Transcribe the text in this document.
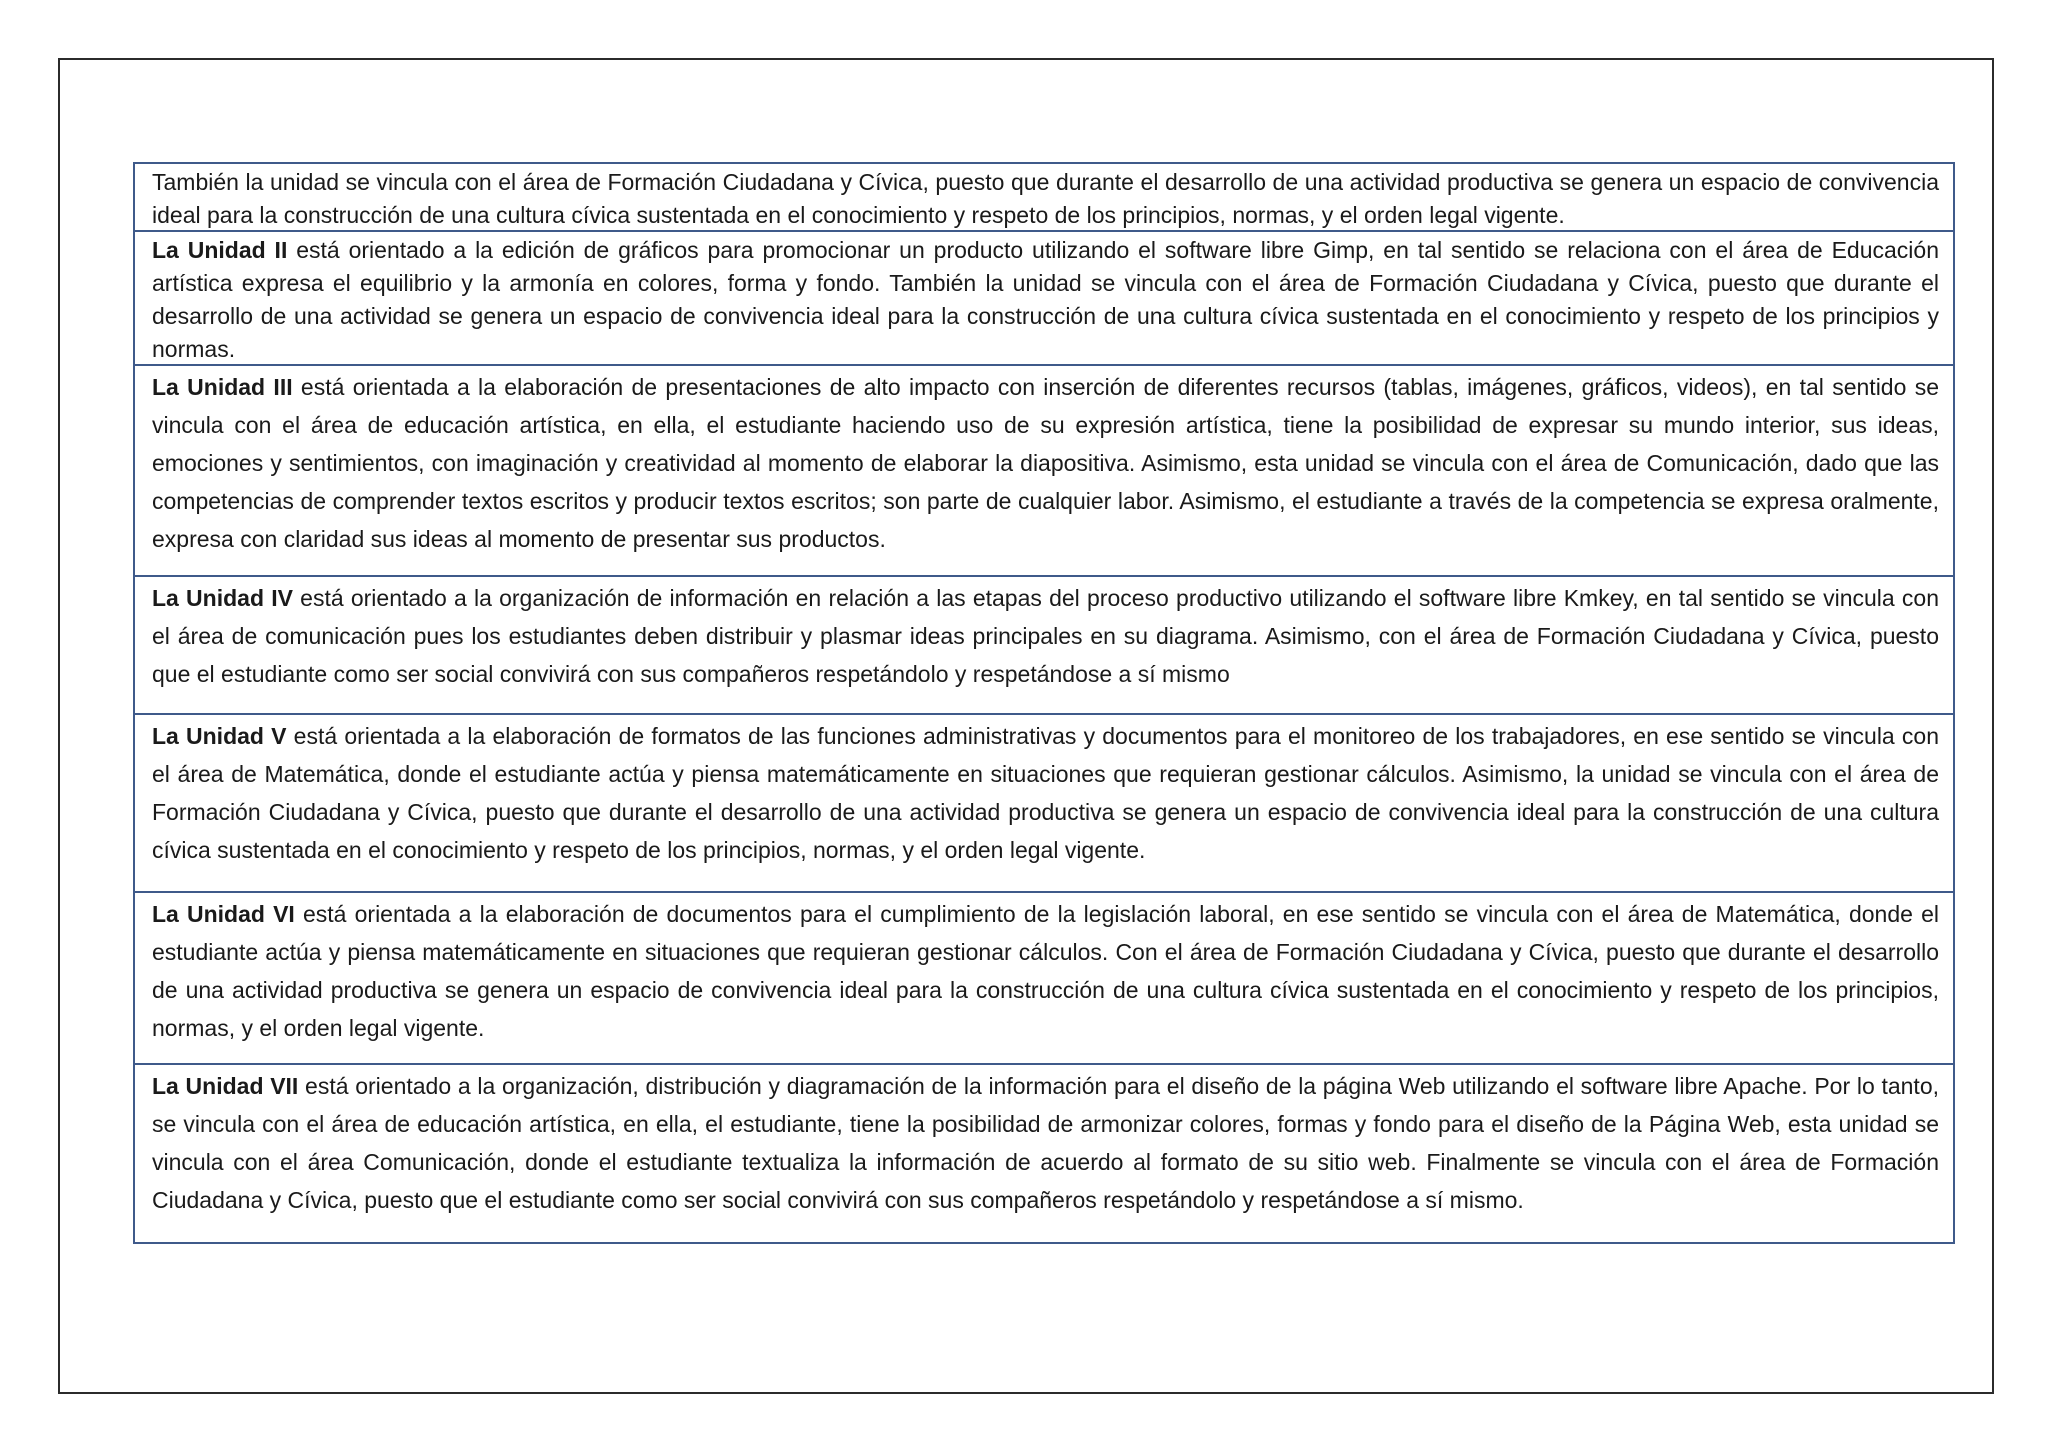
También la unidad se vincula con el área de Formación Ciudadana y Cívica, puesto que durante el desarrollo de una actividad productiva se genera un espacio de convivencia ideal para la construcción de una cultura cívica sustentada en el conocimiento y respeto de los principios, normas, y el orden legal vigente.

La Unidad II está orientado a la edición de gráficos para promocionar un producto utilizando el software libre Gimp, en tal sentido se relaciona con el área de Educación artística expresa el equilibrio y la armonía en colores, forma y fondo. También la unidad se vincula con el área de Formación Ciudadana y Cívica, puesto que durante el desarrollo de una actividad se genera un espacio de convivencia ideal para la construcción de una cultura cívica sustentada en el conocimiento y respeto de los principios y normas.

La Unidad III está orientada a la elaboración de presentaciones de alto impacto con inserción de diferentes recursos (tablas, imágenes, gráficos, videos), en tal sentido se vincula con el área de educación artística, en ella, el estudiante haciendo uso de su expresión artística, tiene la posibilidad de expresar su mundo interior, sus ideas, emociones y sentimientos, con imaginación y creatividad al momento de elaborar la diapositiva. Asimismo, esta unidad se vincula con el área de Comunicación, dado que las competencias de comprender textos escritos y producir textos escritos; son parte de cualquier labor. Asimismo, el estudiante a través de la competencia se expresa oralmente, expresa con claridad sus ideas al momento de presentar sus productos.

La Unidad IV está orientado a la organización de información en relación a las etapas del proceso productivo utilizando el software libre Kmkey, en tal sentido se vincula con el área de comunicación pues los estudiantes deben distribuir y plasmar ideas principales en su diagrama. Asimismo, con el área de Formación Ciudadana y Cívica, puesto que el estudiante como ser social convivirá con sus compañeros respetándolo y respetándose a sí mismo

La Unidad V está orientada a la elaboración de formatos de las funciones administrativas y documentos para el monitoreo de los trabajadores, en ese sentido se vincula con el área de Matemática, donde el estudiante actúa y piensa matemáticamente en situaciones que requieran gestionar cálculos. Asimismo, la unidad se vincula con el área de Formación Ciudadana y Cívica, puesto que durante el desarrollo de una actividad productiva se genera un espacio de convivencia ideal para la construcción de una cultura cívica sustentada en el conocimiento y respeto de los principios, normas, y el orden legal vigente.

La Unidad VI está orientada a la elaboración de documentos para el cumplimiento de la legislación laboral, en ese sentido se vincula con el área de Matemática, donde el estudiante actúa y piensa matemáticamente en situaciones que requieran gestionar cálculos. Con el área de Formación Ciudadana y Cívica, puesto que durante el desarrollo de una actividad productiva se genera un espacio de convivencia ideal para la construcción de una cultura cívica sustentada en el conocimiento y respeto de los principios, normas, y el orden legal vigente.

La Unidad VII está orientado a la organización, distribución y diagramación de la información para el diseño de la página Web utilizando el software libre Apache. Por lo tanto, se vincula con el área de educación artística, en ella, el estudiante, tiene la posibilidad de armonizar colores, formas y fondo para el diseño de la Página Web, esta unidad se vincula con el área Comunicación, donde el estudiante textualiza la información de acuerdo al formato de su sitio web. Finalmente se vincula con el área de Formación Ciudadana y Cívica, puesto que el estudiante como ser social convivirá con sus compañeros respetándolo y respetándose a sí mismo.
